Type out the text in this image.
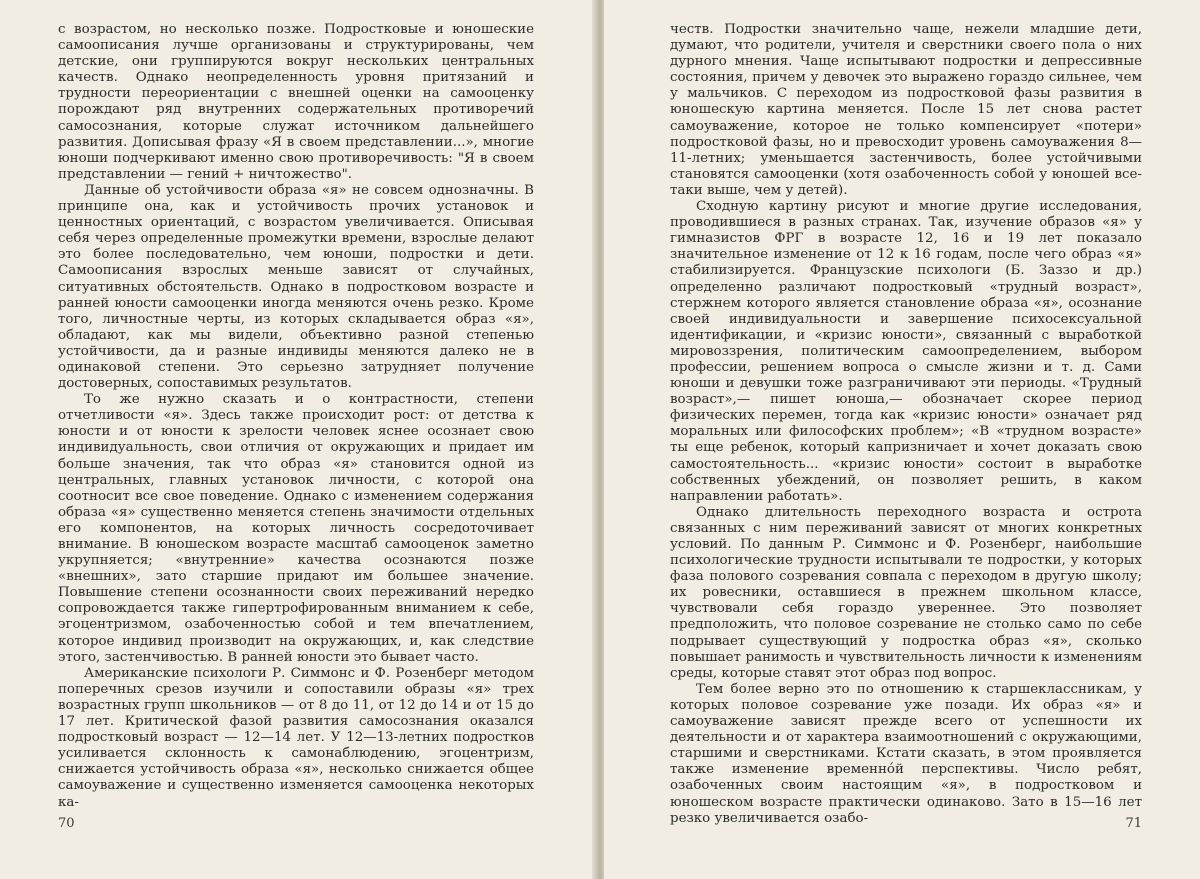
с возрастом, но несколько позже. Подростковые и юношеские самоописания лучше организованы и структурированы, чем детские, они группируются вокруг нескольких центральных качеств. Однако неопределенность уровня притязаний и трудности переориентации с внешней оценки на самооценку порождают ряд внутренних содержательных противоречий самосознания, которые служат источником дальнейшего развития. Дописывая фразу «Я в своем представлении...», многие юноши подчеркивают именно свою противоречивость: "Я в своем представлении — гений + ничтожество".

Данные об устойчивости образа «я» не совсем однозначны. В принципе она, как и устойчивость прочих установок и ценностных ориентаций, с возрастом увеличивается. Описывая себя через определенные промежутки времени, взрослые делают это более последовательно, чем юноши, подростки и дети. Самоописания взрослых меньше зависят от случайных, ситуативных обстоятельств. Однако в подростковом возрасте и ранней юности самооценки иногда меняются очень резко. Кроме того, личностные черты, из которых складывается образ «я», обладают, как мы видели, объективно разной степенью устойчивости, да и разные индивиды меняются далеко не в одинаковой степени. Это серьезно затрудняет получение достоверных, сопоставимых результатов.

То же нужно сказать и о контрастности, степени отчетливости «я». Здесь также происходит рост: от детства к юности и от юности к зрелости человек яснее осознает свою индивидуальность, свои отличия от окружающих и придает им больше значения, так что образ «я» становится одной из центральных, главных установок личности, с которой она соотносит все свое поведение. Однако с изменением содержания образа «я» существенно меняется степень значимости отдельных его компонентов, на которых личность сосредоточивает внимание. В юношеском возрасте масштаб самооценок заметно укрупняется; «внутренние» качества осознаются позже «внешних», зато старшие придают им большее значение. Повышение степени осознанности своих переживаний нередко сопровождается также гипертрофированным вниманием к себе, эгоцентризмом, озабоченностью собой и тем впечатлением, которое индивид производит на окружающих, и, как следствие этого, застенчивостью. В ранней юности это бывает часто.

Американские психологи Р. Симмонс и Ф. Розенберг методом поперечных срезов изучили и сопоставили образы «я» трех возрастных групп школьников — от 8 до 11, от 12 до 14 и от 15 до 17 лет. Критической фазой развития самосознания оказался подростковый возраст — 12—14 лет. У 12—13-летних подростков усиливается склонность к самонаблюдению, эгоцентризм, снижается устойчивость образа «я», несколько снижается общее самоуважение и существенно изменяется самооценка некоторых ка-

70

честв. Подростки значительно чаще, нежели младшие дети, думают, что родители, учителя и сверстники своего пола о них дурного мнения. Чаще испытывают подростки и депрессивные состояния, причем у девочек это выражено гораздо сильнее, чем у мальчиков. С переходом из подростковой фазы развития в юношескую картина меняется. После 15 лет снова растет самоуважение, которое не только компенсирует «потери» подростковой фазы, но и превосходит уровень самоуважения 8—11-летних; уменьшается застенчивость, более устойчивыми становятся самооценки (хотя озабоченность собой у юношей все-таки выше, чем у детей).

Сходную картину рисуют и многие другие исследования, проводившиеся в разных странах. Так, изучение образов «я» у гимназистов ФРГ в возрасте 12, 16 и 19 лет показало значительное изменение от 12 к 16 годам, после чего образ «я» стабилизируется. Французские психологи (Б. Заззо и др.) определенно различают подростковый «трудный возраст», стержнем которого является становление образа «я», осознание своей индивидуальности и завершение психосексуальной идентификации, и «кризис юности», связанный с выработкой мировоззрения, политическим самоопределением, выбором профессии, решением вопроса о смысле жизни и т. д. Сами юноши и девушки тоже разграничивают эти периоды. «Трудный возраст»,— пишет юноша,— обозначает скорее период физических перемен, тогда как «кризис юности» означает ряд моральных или философских проблем»; «В «трудном возрасте» ты еще ребенок, который капризничает и хочет доказать свою самостоятельность... «кризис юности» состоит в выработке собственных убеждений, он позволяет решить, в каком направлении работать».

Однако длительность переходного возраста и острота связанных с ним переживаний зависят от многих конкретных условий. По данным Р. Симмонс и Ф. Розенберг, наибольшие психологические трудности испытывали те подростки, у которых фаза полового созревания совпала с переходом в другую школу; их ровесники, оставшиеся в прежнем школьном классе, чувствовали себя гораздо увереннее. Это позволяет предположить, что половое созревание не столько само по себе подрывает существующий у подростка образ «я», сколько повышает ранимость и чувствительность личности к изменениям среды, которые ставят этот образ под вопрос.

Тем более верно это по отношению к старшеклассникам, у которых половое созревание уже позади. Их образ «я» и самоуважение зависят прежде всего от успешности их деятельности и от характера взаимоотношений с окружающими, старшими и сверстниками. Кстати сказать, в этом проявляется также изменение временнóй перспективы. Число ребят, озабоченных своим настоящим «я», в подростковом и юношеском возрасте практически одинаково. Зато в 15—16 лет резко увеличивается озабо-	71
